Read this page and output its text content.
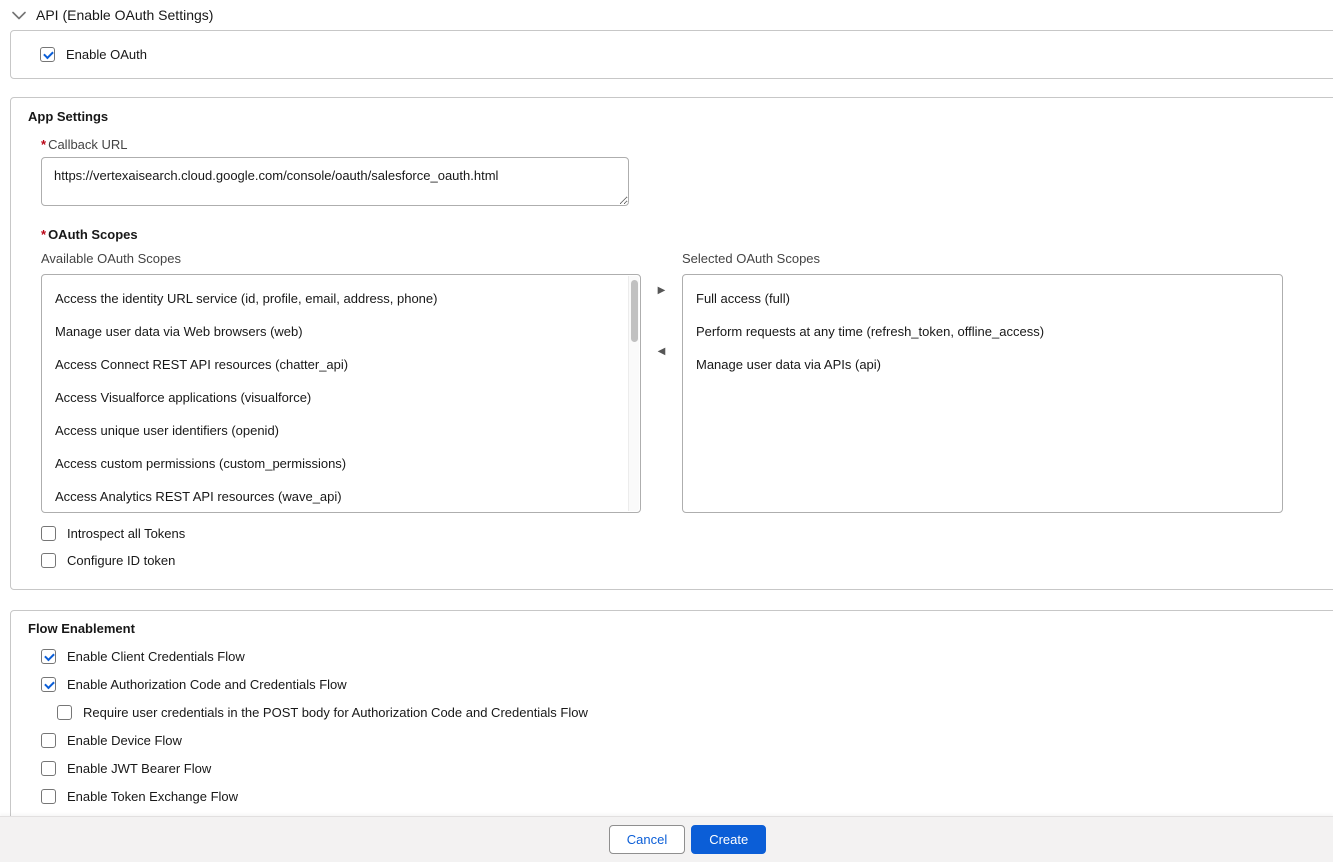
API (Enable OAuth Settings)
Enable OAuth
App Settings
* Callback URL
https://vertexaisearch.cloud.google.com/console/oauth/salesforce_oauth.html
* OAuth Scopes
Available OAuth Scopes
Access the identity URL service (id, profile, email, address, phone)
Manage user data via Web browsers (web)
Access Connect REST API resources (chatter_api)
Access Visualforce applications (visualforce)
Access unique user identifiers (openid)
Access custom permissions (custom_permissions)
Access Analytics REST API resources (wave_api)
▶
◀
Selected OAuth Scopes
Full access (full)
Perform requests at any time (refresh_token, offline_access)
Manage user data via APIs (api)
Introspect all Tokens
Configure ID token
Flow Enablement
Enable Client Credentials Flow
Enable Authorization Code and Credentials Flow
Require user credentials in the POST body for Authorization Code and Credentials Flow
Enable Device Flow
Enable JWT Bearer Flow
Enable Token Exchange Flow
Cancel	Create
